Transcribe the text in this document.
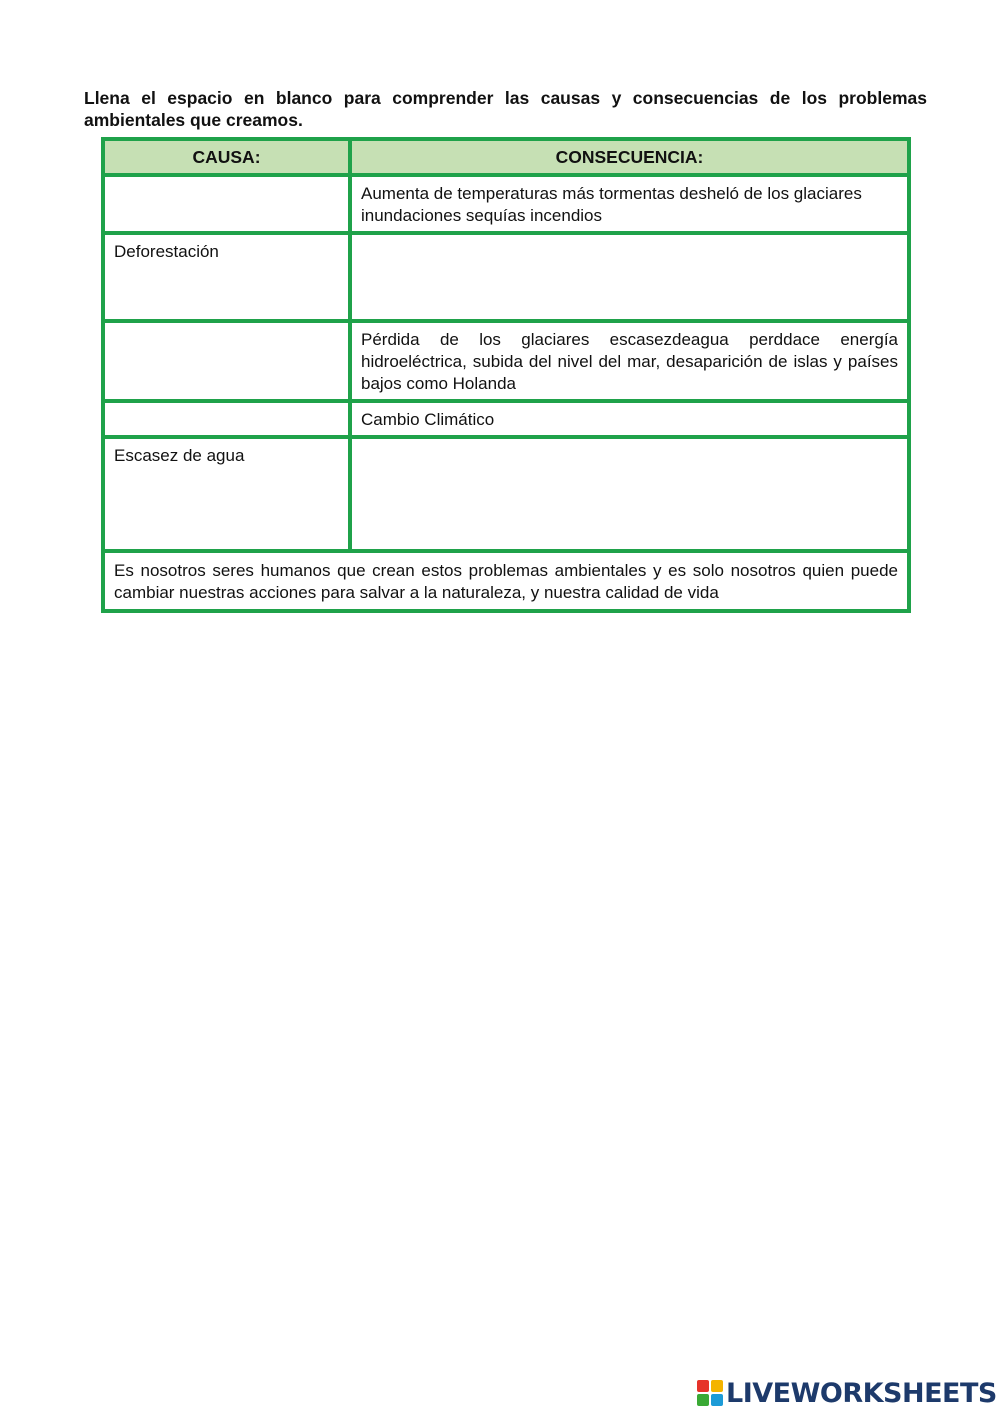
Llena el espacio en blanco para comprender las causas y consecuencias de los problemas ambientales que creamos.
CAUSA:	CONSECUENCIA:

	Aumenta de temperaturas más tormentas desheló de los glaciares inundaciones sequías incendios

Deforestación	

	Pérdida de los glaciares escasezdeagua perddace energía hidroeléctrica, subida del nivel del mar, desaparición de islas y países bajos como Holanda

	Cambio Climático

Escasez de agua	

Es nosotros seres humanos que crean estos problemas ambientales y es solo nosotros quien puede cambiar nuestras acciones para salvar a la naturaleza, y nuestra calidad de vida	
LIVEWORKSHEETS
